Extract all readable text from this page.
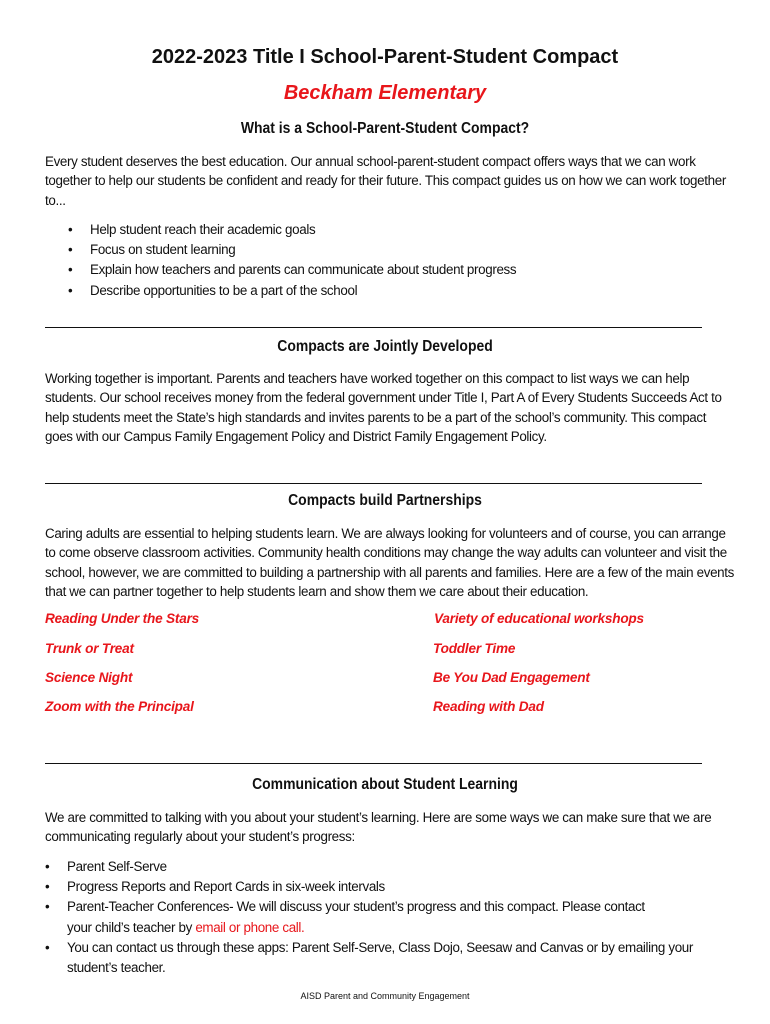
2022-2023 Title I School-Parent-Student Compact
Beckham Elementary
What is a School-Parent-Student Compact?
Every student deserves the best education. Our annual school-parent-student compact offers ways that we can work
together to help our students be confident and ready for their future. This compact guides us on how we can work together
to...
• Help student reach their academic goals
• Focus on student learning
• Explain how teachers and parents can communicate about student progress
• Describe opportunities to be a part of the school
Compacts are Jointly Developed
Working together is important. Parents and teachers have worked together on this compact to list ways we can help
students. Our school receives money from the federal government under Title I, Part A of Every Students Succeeds Act to
help students meet the State’s high standards and invites parents to be a part of the school’s community. This compact
goes with our Campus Family Engagement Policy and District Family Engagement Policy.
Compacts build Partnerships
Caring adults are essential to helping students learn. We are always looking for volunteers and of course, you can arrange
to come observe classroom activities. Community health conditions may change the way adults can volunteer and visit the
school, however, we are committed to building a partnership with all parents and families. Here are a few of the main events
that we can partner together to help students learn and show them we care about their education.
Reading Under the Stars
Trunk or Treat
Science Night
Zoom with the Principal
Variety of educational workshops
Toddler Time
Be You Dad Engagement
Reading with Dad
Communication about Student Learning
We are committed to talking with you about your student’s learning. Here are some ways we can make sure that we are
communicating regularly about your student’s progress:
• Parent Self-Serve
• Progress Reports and Report Cards in six-week intervals
• Parent-Teacher Conferences- We will discuss your student’s progress and this compact. Please contact
your child’s teacher by email or phone call.
• You can contact us through these apps: Parent Self-Serve, Class Dojo, Seesaw and Canvas or by emailing your
student’s teacher.
AISD Parent and Community Engagement
